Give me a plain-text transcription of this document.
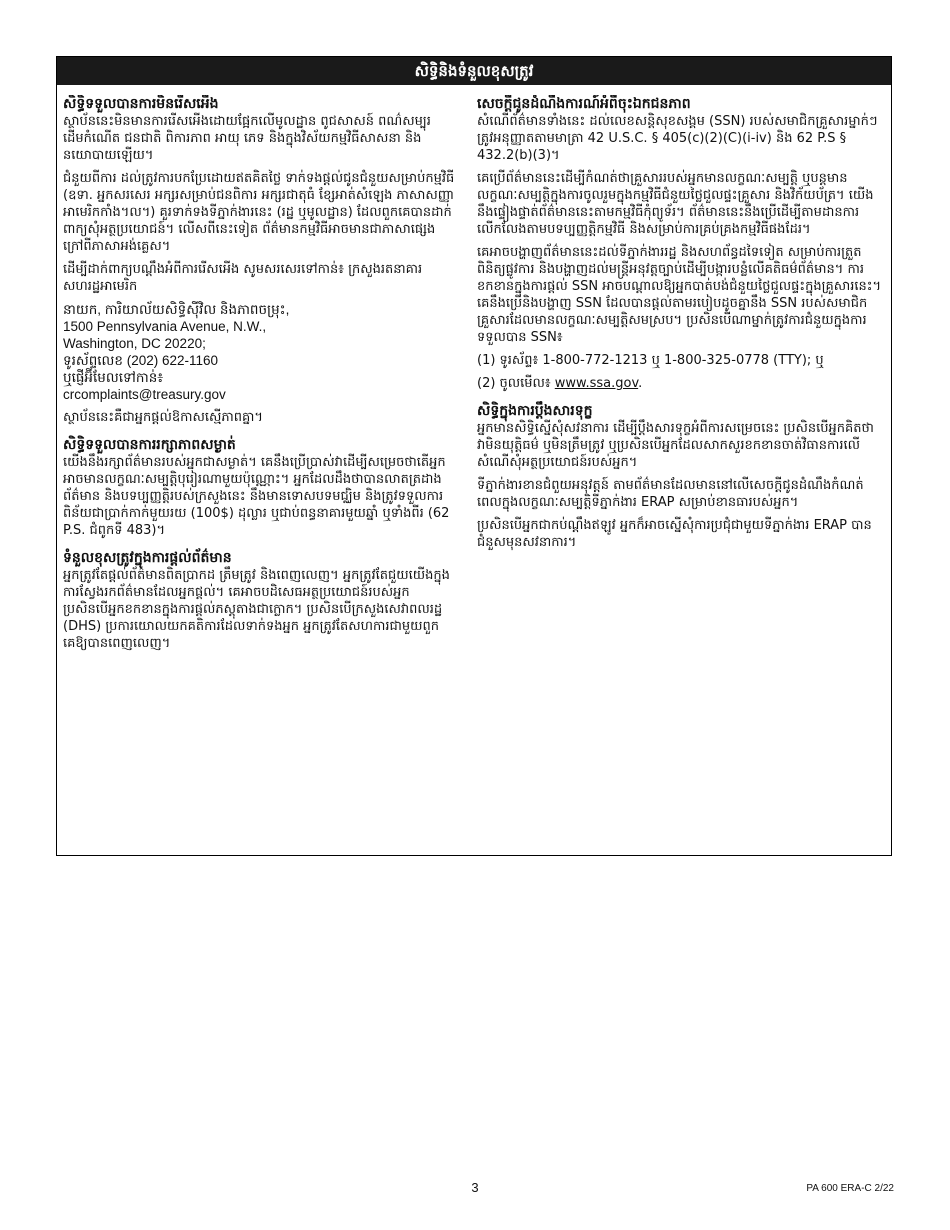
សិទ្ធិនិងទំនួលខុសត្រូវ
សិទ្ធិទទួលបានការមិនរើសអើង

ស្ថាប័ននេះមិនមានការរើសអើងដោយផ្អែកលើមូលដ្ឋាន ពូជសាសន៍ ពណ៌សម្បុរ ដើមកំណើត ជនជាតិ ពិការភាព អាយុ ភេទ និងក្នុងវិស័យកម្មវិធីសាសនា និងនយោបាយឡើយ។

ជំនួយពីការ ដល់ត្រូវការបកប្រែដោយឥតគិតថ្លៃ ទាក់ទងផ្តល់ជូនជំនួយសម្រាប់កម្មវិធី (ឧទា. អ្នកសរសេរ អក្សរសម្រាប់ជនពិការ អក្សរជាតុធំ ខ្សែអាត់សំឡេង ភាសាសញ្ញាអាមេរិកកាំង។ល។) គួរទាក់ទងទីភ្នាក់ងារនេះ (រដ្ឋ ឬមូលដ្ឋាន) ដែលពួកគេបានដាក់ពាក្យសុំអត្ថប្រយោជន៍។ លើសពីនេះទៀត ព័ត៌មានកម្មវិធីអាចមានជាភាសាផ្សេងក្រៅពីភាសាអង់គ្លេស។

ដើម្បីដាក់ពាក្យបណ្តឹងអំពីការរើសអើង សូមសរសេរទៅកាន់៖ ក្រសួងរតនាគារសហរដ្ឋអាមេរិក

នាយក, ការិយាល័យសិទ្ធិស៊ីវិល និងភាពចម្រុះ,
1500 Pennsylvania Avenue, N.W.,
Washington, DC 20220;
ទូរស័ព្ទលេខ (202) 622-1160
ឬផ្ញើអ៊ីមែលទៅកាន់៖
crcomplaints@treasury.gov

ស្ថាប័ននេះគឺជាអ្នកផ្តល់ឱកាសស្មើភាពគ្នា។

សិទ្ធិទទួលបានការរក្សាភាពសម្ងាត់

យើងនឹងរក្សាព័ត៌មានរបស់អ្នកជាសម្ងាត់។ គេនឹងប្រើប្រាស់វាដើម្បីសម្រេចថាតើអ្នកអាចមានលក្ខណៈសម្បត្តិបុរៀរណាមួយប៉ុណ្ណោះ។ អ្នកដែលដឹងថាបានលាតត្រដាងព័ត៌មាន និងបទប្បញ្ញត្តិរបស់ក្រសួងនេះ នឹងមានទោសបទមជ្ឈិម និងត្រូវទទួលការពិន័យជាប្រាក់កាក់មួយរយ (100$) ដុល្លារ ឬជាប់ពន្ធនាគារមួយឆ្នាំ ឬទាំងពីរ (62 P.S. ជំពូកទី 483)។

ទំនួលខុសត្រូវក្នុងការផ្តល់ព័ត៌មាន

អ្នកត្រូវតែផ្តល់ព័ត៌មានពិតប្រាកដ ត្រឹមត្រូវ និងពេញលេញ។ អ្នកត្រូវតែជួយយើងក្នុងការស្វែងរកព័ត៌មានដែលអ្នកផ្តល់។ គេអាចបដិសេធអត្ថប្រយោជន៍របស់អ្នក ប្រសិនបើអ្នកខកខានក្នុងការផ្តល់ភស្តុតាងជាក្លោក។ ប្រសិនបើក្រសួងសេវាពលរដ្ឋ (DHS) ប្រការយោលយកគតិការដែលទាក់ទងអ្នក អ្នកត្រូវតែសហការជាមួយពួកគេឱ្យបានពេញលេញ។

សេចក្តីជូនដំណឹងការណ៍អំពីចុះឯកជនភាព

សំណើព័ត៌មានទាំងនេះ ដល់លេខសន្តិសុខសង្គម (SSN) របស់សមាជិកគ្រួសារម្នាក់ៗ ត្រូវអនុញ្ញាតតាមមាត្រា 42 U.S.C. § 405(c)(2)(C)(i-iv) និង 62 P.S § 432.2(b)(3)។

គេប្រើព័ត៌មាននេះដើម្បីកំណត់ថាគ្រួសាររបស់អ្នកមានលក្ខណៈសម្បត្តិ ឬបន្តមានលក្ខណៈសម្បត្តិក្នុងការចូលរួមក្នុងកម្មវិធីជំនួយថ្លៃជួលផ្ទះគ្រួសារ និងវិក័យប័ត្រ។ យើងនឹងផ្ទៀងផ្ទាត់ព័ត៌មាននេះតាមកម្មវិធីកុំព្យូទ័រ។ ព័ត៌មាននេះនឹងប្រើដើម្បីតាមដានការលើកលែងតាមបទប្បញ្ញត្តិកម្មវិធី និងសម្រាប់ការគ្រប់គ្រងកម្មវិធីផងដែរ។

គេអាចបង្ហាញព័ត៌មាននេះដល់ទីភ្នាក់ងាររដ្ឋ និងសហព័ន្ធដទៃទៀត សម្រាប់ការត្រួតពិនិត្យផ្លូវការ និងបង្ហាញដល់មន្ត្រីអនុវត្តច្បាប់ដើម្បីបង្ការបន្លំលើគតិធម៌ព័ត៌មាន។ ការខកខានក្នុងការផ្តល់ SSN អាចបណ្តាលឱ្យអ្នកបាត់បង់ជំនួយថ្លៃជួលផ្ទះក្នុងគ្រួសារនេះ។ គេនឹងប្រើនិងបង្ហាញ SSN ដែលបានផ្តល់តាមរបៀបដូចគ្នានឹង SSN របស់សមាជិកគ្រួសារដែលមានលក្ខណៈសម្បត្តិសមស្រប។ ប្រសិនបើណាម្នាក់ត្រូវការជំនួយក្នុងការទទួលបាន SSN៖

(1) ទូរស័ព្ទ៖ 1-800-772-1213 ឬ 1-800-325-0778 (TTY); ឬ

(2) ចូលមើល៖ www.ssa.gov.

សិទ្ធិក្នុងការប្តឹងសារទុក្ខ

អ្នកមានសិទ្ធិស្នើសុំសវនាការ ដើម្បីប្តឹងសារទុក្ខអំពីការសម្រេចនេះ ប្រសិនបើអ្នកគិតថា វាមិនយុត្តិធម៌ ឬមិនត្រឹមត្រូវ ឬប្រសិនបើអ្នកដែលសាកសួរខកខានចាត់វិធានការលើសំណើសុំអត្ថប្រយោជន៍របស់អ្នក។

ទីភ្នាក់ងារខានជំពួយអនុវត្តន៍ តាមព័ត៌មានដែលមាននៅលើសេចក្តីជូនដំណឹងកំណត់ពេលក្នុងលក្ខណៈសម្បត្តិទីភ្នាក់ងារ ERAP សម្រាប់ខានធារបស់អ្នក។

ប្រសិនបើអ្នកជាកប់ណ្តឹងឥឡូវ អ្នកក៏អាចស្នើសុំការប្រជុំជាមួយទីភ្នាក់ងារ ERAP បានជំនួសមុនសវនាការ។

3	PA 600 ERA-C 2/22
